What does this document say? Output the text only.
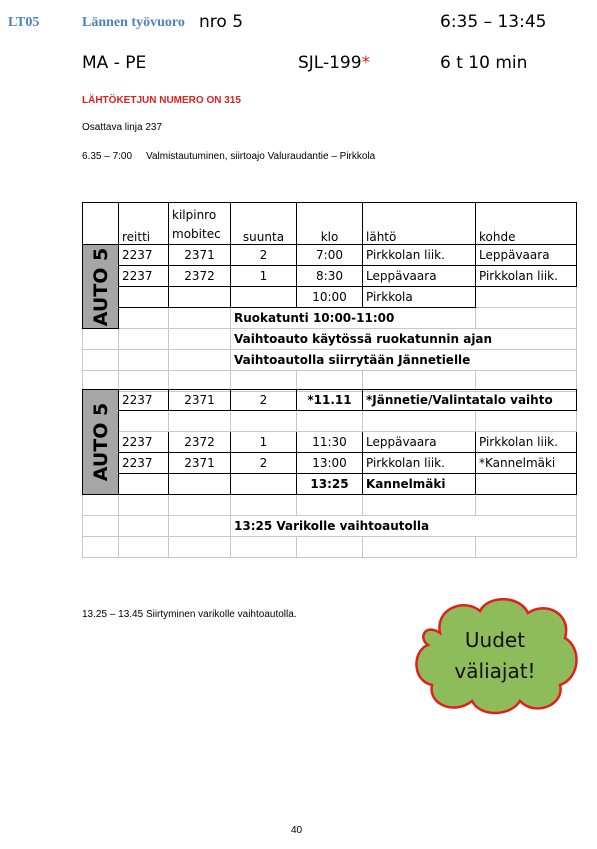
LT05	Lännen työvuoro nro 5	6:35 – 13:45
MA - PE	SJL-199*	6 t 10 min
LÄHTÖKETJUN NUMERO ON 315
Osattava linja 237
6.35 – 7:00 Valmistautuminen, siirtoajo Valuraudantie – Pirkkola
	reitti	kilpinro
mobitec	suunta	klo	lähtö	kohde

AUTO 5	2237	2371	2	7:00	Pirkkolan liik.	Leppävaara
	2237	2372	1	8:30	Leppävaara	Pirkkolan liik.
				10:00	Pirkkola	
			Ruokatunti 10:00-11:00			
			Vaihtoauto käytössä ruokatunnin ajan			
			Vaihtoautolla siirrytään Jännetielle			

AUTO 5	2237	2371	2	*11.11	*Jännetie/Valintatalo vaihto	

	2237	2372	1	11:30	Leppävaara	Pirkkolan liik.
	2237	2371	2	13:00	Pirkkolan liik.	*Kannelmäki
				13:25	Kannelmäki	

			13:25 Varikolle vaihtoautolla			

13.25 – 13.45 Siirtyminen varikolle vaihtoautolla.
Uudet
väliajat!
40
